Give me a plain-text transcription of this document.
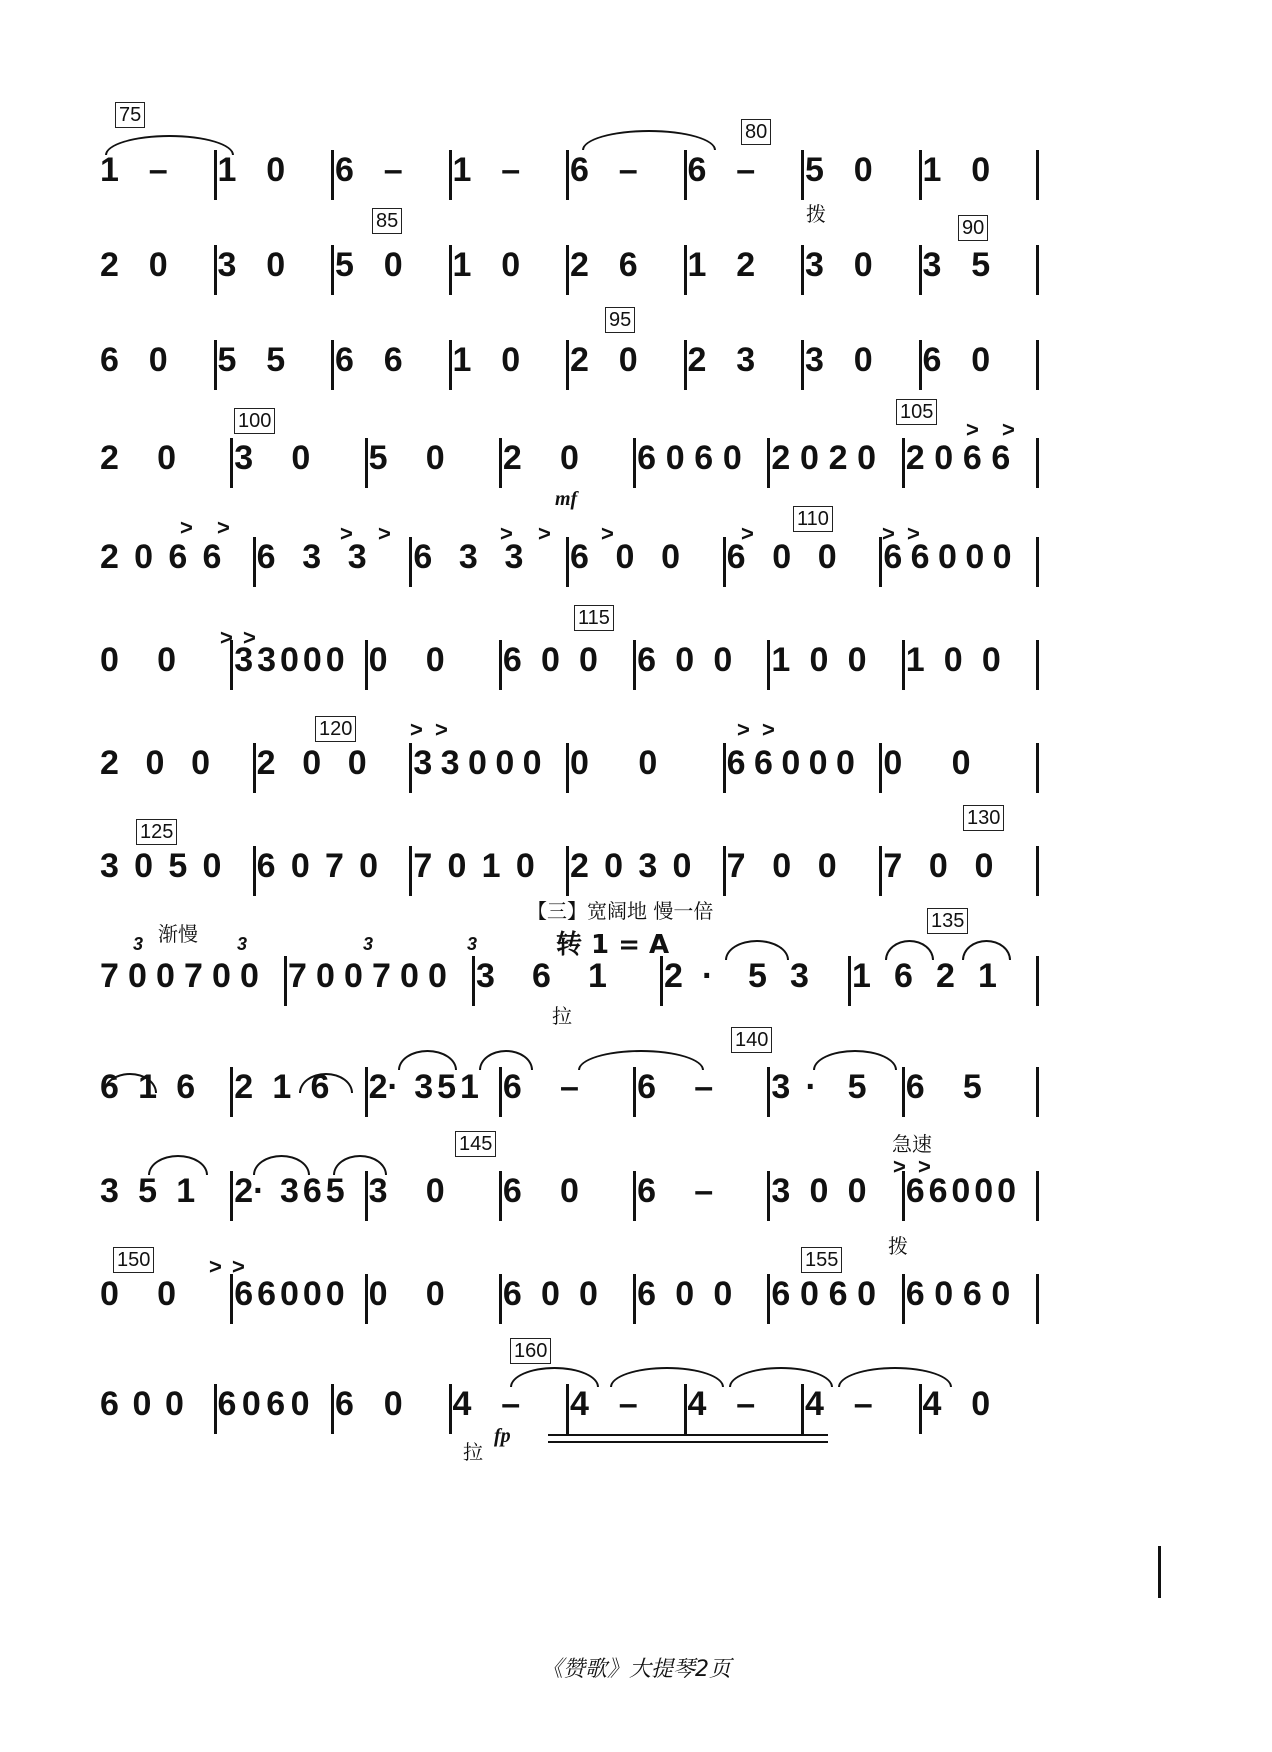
1 – 1 0 6 – 1 – 6 – 6 – 5 0 1 0
2 0 3 0 5 0 1 0 2 6 1 2 3 0 3 5
6 0 5 5 6 6 1 0 2 0 2 3 3 0 6 0
2 0 3 0 5 0 2 0 6 0 6 0 2 0 2 0 2 0 6 6
2 0 6 6 6 3 3 6 3 3 6 0 0 6 0 0 6 6 0 0 0
0 0 3 3 0 0 0 0 0 6 0 0 6 0 0 1 0 0 1 0 0
2 0 0 2 0 0 3 3 0 0 0 0 0 6 6 0 0 0 0 0
3 0 5 0 6 0 7 0 7 0 1 0 2 0 3 0 7 0 0 7 0 0
7 0 0 7 0 0 7 0 0 7 0 0 3 6 1 2 · 5 3 1 6 2 1
6 1 6 2 1 6 2 · 3 5 1 6 – 6 – 3 · 5 6 5
3 5 1 2 · 3 6 5 3 0 6 0 6 – 3 0 0 6 6 0 0 0
0 0 6 6 0 0 0 0 0 6 0 0 6 0 0 6 0 6 0 6 0 6 0
6 0 0 6 0 6 0 6 0 4 – 4 – 4 – 4 – 4 0
75
80
85	90
95
100	105
110
115
120
125
130
135
140
145
150	155
160
拨
渐慢
拉
急速
拨
拉
【三】宽阔地 慢一倍
转 1 = A
mf
fp
3	3	3	3
> >
> >	> >	> > >	>	> >
> >
> >	> >
> >
> >
《赞歌》大提琴2页
